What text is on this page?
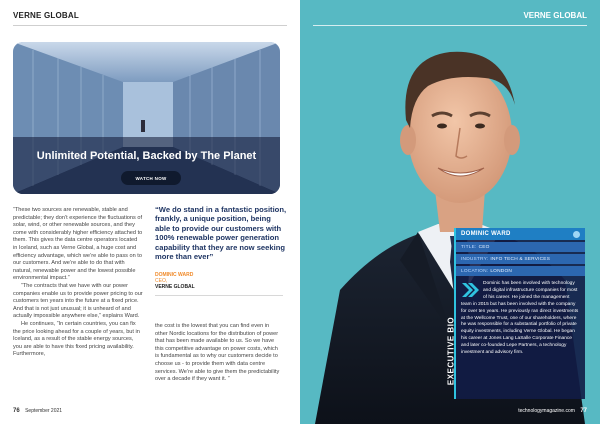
VERNE GLOBAL
Unlimited Potential, Backed by The Planet
WATCH NOW

“These two sources are renewable, stable and predictable; they don’t experience the fluctuations of solar, wind, or other renewable sources, and they come with considerably higher efficiency attached to them. This gives the data centre operators located in Iceland, such as Verne Global, a huge cost and efficiency advantage, which we’re able to pass on to our customers. And we’re able to do that with natural, renewable power and the lowest possible environmental impact.”

“The contracts that we have with our power companies enable us to provide power pricing to our customers ten years into the future at a fixed price. And that is not just unusual; it is unheard of and actually impossible anywhere else,” explains Ward.

He continues, “In certain countries, you can fix the price looking ahead for a couple of years, but in Iceland, as a result of the stable energy sources, you are able to have this fixed pricing availability. Furthermore,

“We do stand in a fantastic position, frankly, a unique position, being able to provide our customers with 100% renewable power generation capability that they are now seeking more than ever”
DOMINIC WARD
CEO,
VERNE GLOBAL

the cost is the lowest that you can find even in other Nordic locations for the distribution of power that has been made available to us. So we have this competitive advantage on power costs, which is fundamental as to why our customers decide to choose us - to provide them with data centre services. We’re able to give them the predictability over a decade if they want it. ”

76 September 2021
VERNE GLOBAL
DOMINIC WARD
TITLE: CEO
INDUSTRY: INFO TECH & SERVICES
LOCATION: LONDON
Dominic has been involved with technology and digital infrastructure companies for most of his career. He joined the management team in 2015 but has been involved with the company for over ten years. He previously ran direct investments at the Wellcome Trust, one of our shareholders, where he was responsible for a substantial portfolio of private equity investments, including Verne Global. He began his career at Jones Lang LaSalle Corporate Finance and later co-founded Lepe Partners, a technology investment and advisory firm.
EXECUTIVE BIO
technologymagazine.com 77
